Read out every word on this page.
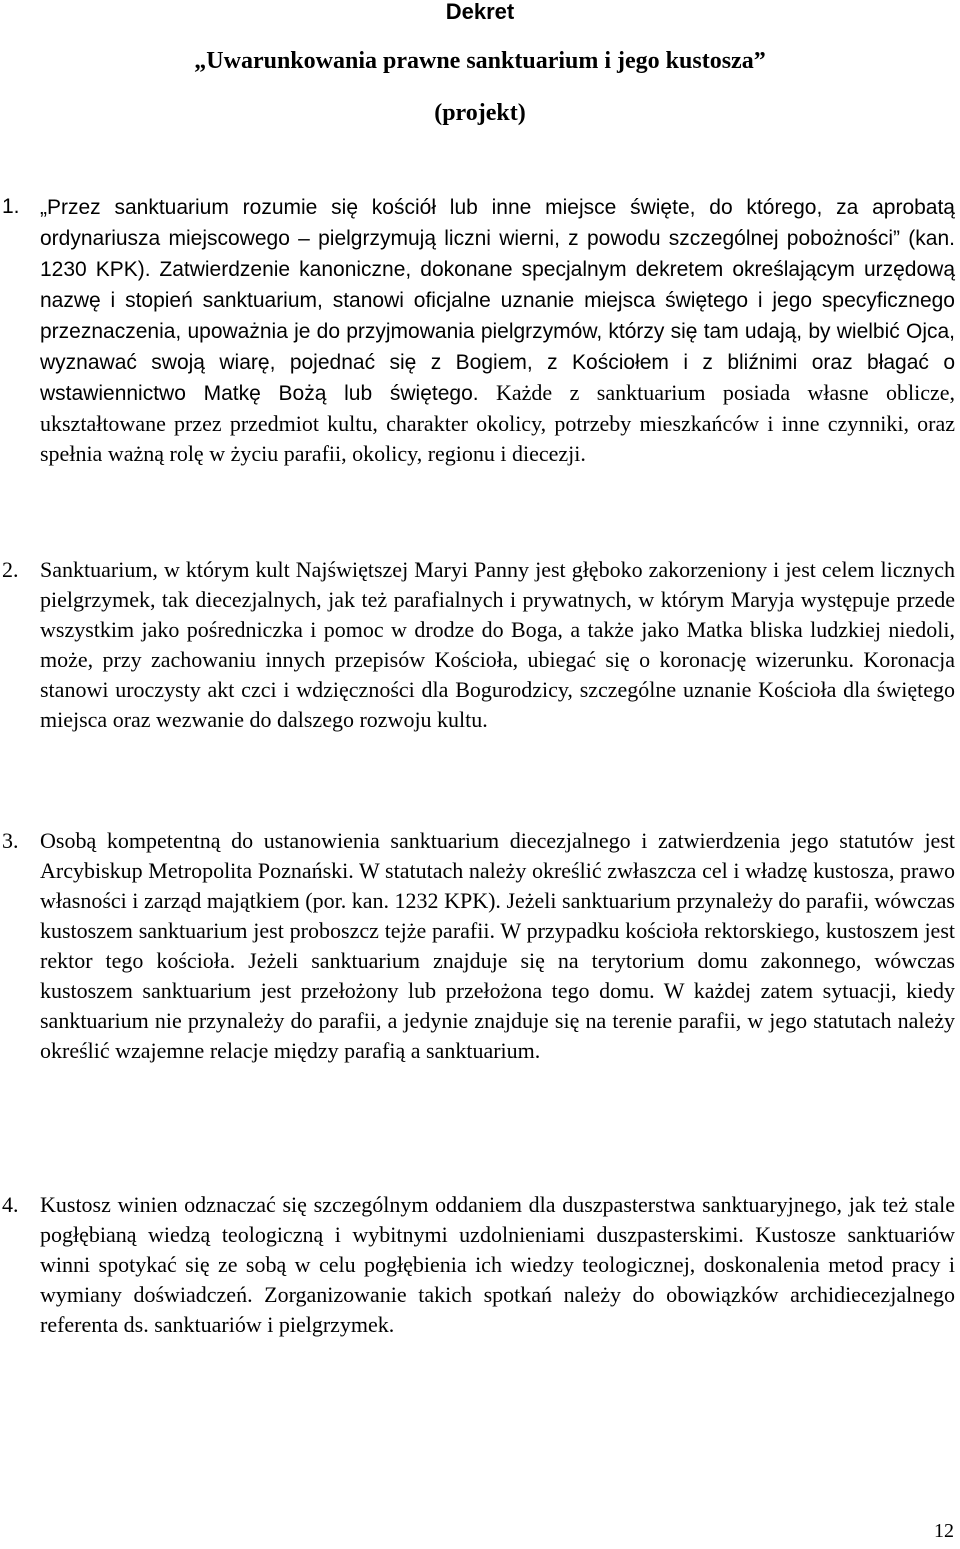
Dekret
„Uwarunkowania prawne sanktuarium i jego kustosza”
(projekt)
1. „Przez sanktuarium rozumie się kościół lub inne miejsce święte, do którego, za aprobatą ordynariusza miejscowego – pielgrzymują liczni wierni, z powodu szczególnej pobożności” (kan. 1230 KPK). Zatwierdzenie kanoniczne, dokonane specjalnym dekretem określającym urzędową nazwę i stopień sanktuarium, stanowi oficjalne uznanie miejsca świętego i jego specyficznego przeznaczenia, upoważnia je do przyjmowania pielgrzymów, którzy się tam udają, by wielbić Ojca, wyznawać swoją wiarę, pojednać się z Bogiem, z Kościołem i z bliźnimi oraz błagać o wstawiennictwo Matkę Bożą lub świętego. Każde z sanktuarium posiada własne oblicze, ukształtowane przez przedmiot kultu, charakter okolicy, potrzeby mieszkańców i inne czynniki, oraz spełnia ważną rolę w życiu parafii, okolicy, regionu i diecezji.

2. Sanktuarium, w którym kult Najświętszej Maryi Panny jest głęboko zakorzeniony i jest celem licznych pielgrzymek, tak diecezjalnych, jak też parafialnych i prywatnych, w którym Maryja występuje przede wszystkim jako pośredniczka i pomoc w drodze do Boga, a także jako Matka bliska ludzkiej niedoli, może, przy zachowaniu innych przepisów Kościoła, ubiegać się o koronację wizerunku. Koronacja stanowi uroczysty akt czci i wdzięczności dla Bogurodzicy, szczególne uznanie Kościoła dla świętego miejsca oraz wezwanie do dalszego rozwoju kultu.

3. Osobą kompetentną do ustanowienia sanktuarium diecezjalnego i zatwierdzenia jego statutów jest Arcybiskup Metropolita Poznański. W statutach należy określić zwłaszcza cel i władzę kustosza, prawo własności i zarząd majątkiem (por. kan. 1232 KPK). Jeżeli sanktuarium przynależy do parafii, wówczas kustoszem sanktuarium jest proboszcz tejże parafii. W przypadku kościoła rektorskiego, kustoszem jest rektor tego kościoła. Jeżeli sanktuarium znajduje się na terytorium domu zakonnego, wówczas kustoszem sanktuarium jest przełożony lub przełożona tego domu. W każdej zatem sytuacji, kiedy sanktuarium nie przynależy do parafii, a jedynie znajduje się na terenie parafii, w jego statutach należy określić wzajemne relacje między parafią a sanktuarium.

4. Kustosz winien odznaczać się szczególnym oddaniem dla duszpasterstwa sanktuaryjnego, jak też stale pogłębianą wiedzą teologiczną i wybitnymi uzdolnieniami duszpasterskimi. Kustosze sanktuariów winni spotykać się ze sobą w celu pogłębienia ich wiedzy teologicznej, doskonalenia metod pracy i wymiany doświadczeń. Zorganizowanie takich spotkań należy do obowiązków archidiecezjalnego referenta ds. sanktuariów i pielgrzymek.

12
